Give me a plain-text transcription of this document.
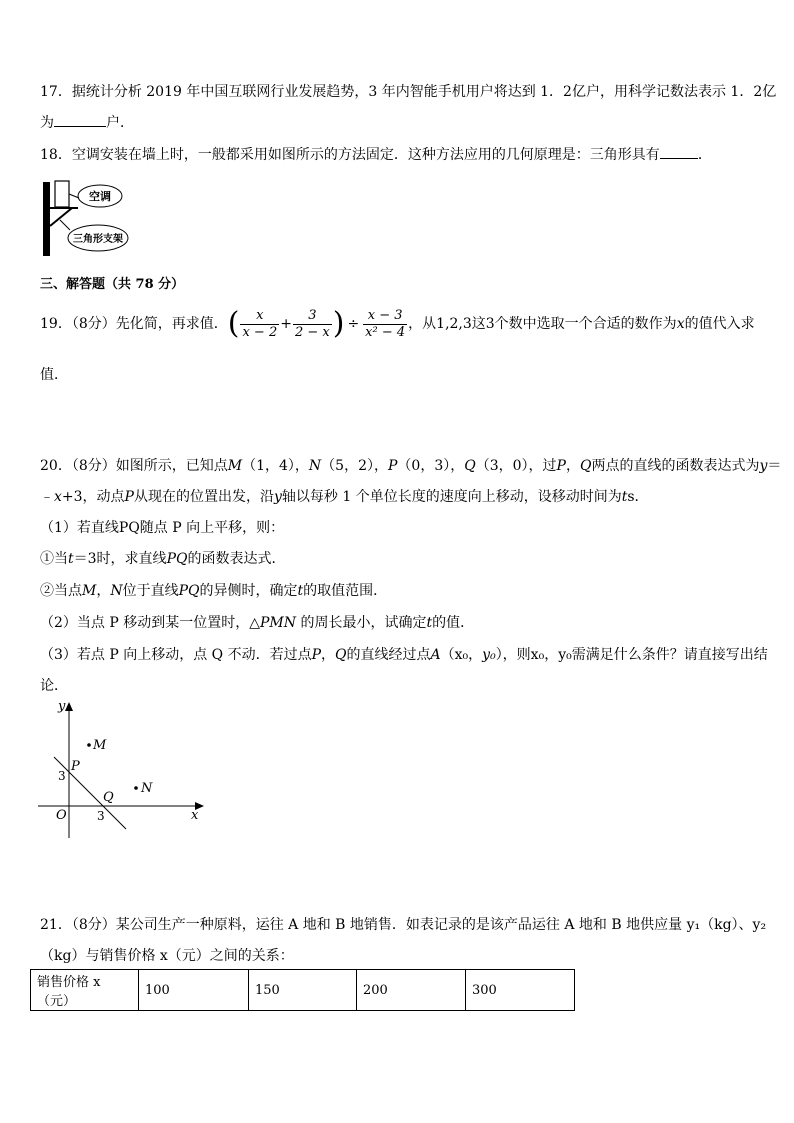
17．据统计分析 2019 年中国互联网行业发展趋势，3 年内智能手机用户将达到 1．2亿户，用科学记数法表示 1．2亿
为	户．
18．空调安装在墙上时，一般都采用如图所示的方法固定．这种方法应用的几何原理是：三角形具有	．
空调
三角形支架
三、解答题（共 78 分）
19．（8分）先化简，再求值． ( $\frac{x}{x - 2} + \frac{3}{2 - x}$ ) ÷ $\frac{x - 3}{\text{x² − 4}}$ ，从1,2,3这3个数中选取一个合适的数作为 x 的值代入求
值．
20．（8分）如图所示，已知点M（1，4），N（5，2），P（0，3），Q（3，0），过P，Q两点的直线的函数表达式为y＝
﹣x+3，动点P从现在的位置出发，沿y轴以每秒 1 个单位长度的速度向上移动，设移动时间为ts．
（1）若直线PQ随点 P 向上平移，则：
①当t＝3时，求直线PQ的函数表达式．
②当点M，N位于直线PQ的异侧时，确定t的取值范围．
（2）当点 P 移动到某一位置时，△PMN 的周长最小，试确定t的值．
（3）若点 P 向上移动，点 Q 不动．若过点P，Q的直线经过点A（x₀，y₀），则x₀，y₀需满足什么条件？请直接写出结
论．
y
x
O
M
N
P
Q
3
3
21．（8分）某公司生产一种原料，运往 A 地和 B 地销售．如表记录的是该产品运往 A 地和 B 地供应量 y₁（kg）、y₂
（kg）与销售价格 x（元）之间的关系：
销售价格 x（元）	100	150	200	300
